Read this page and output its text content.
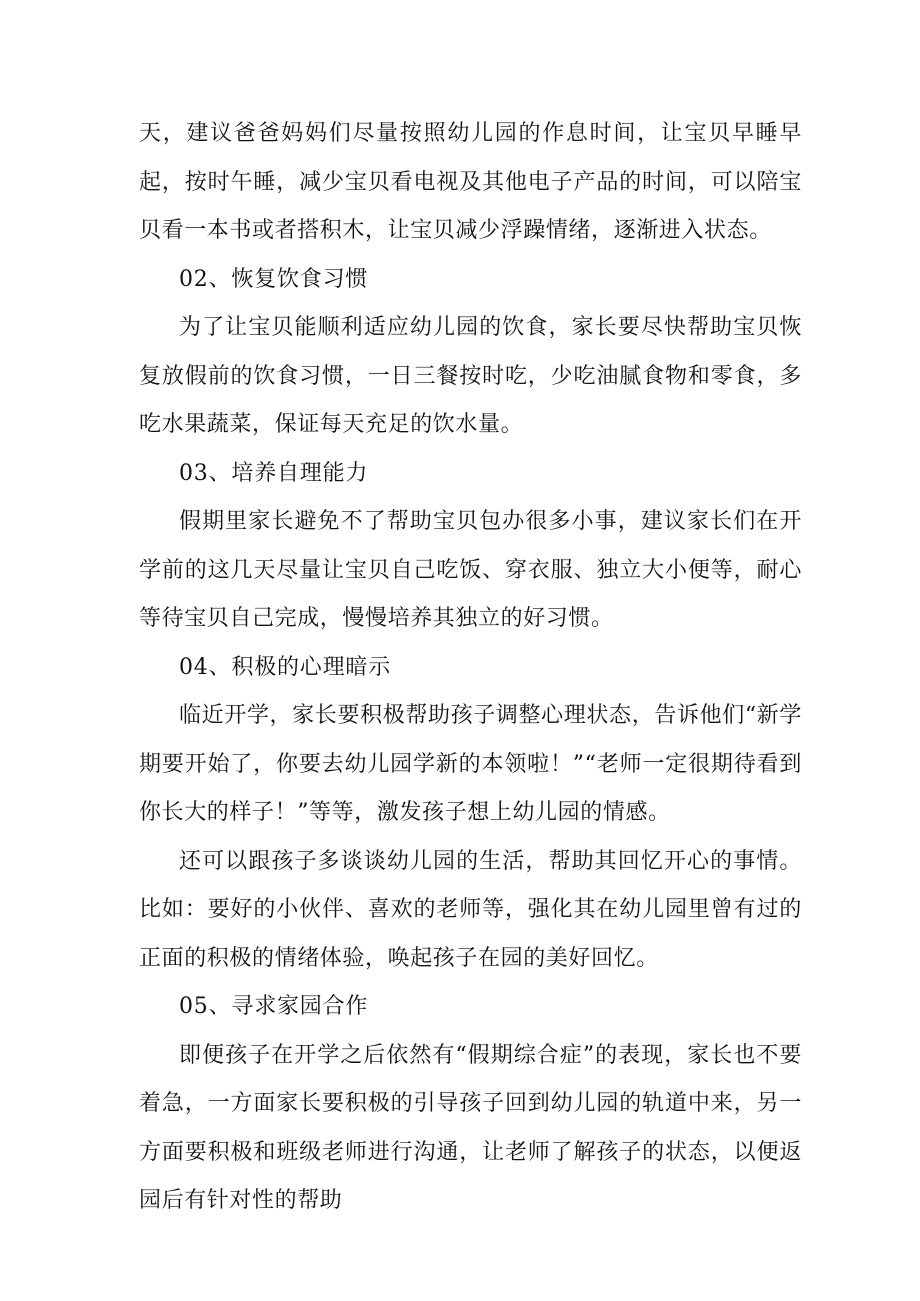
天，建议爸爸妈妈们尽量按照幼儿园的作息时间，让宝贝早睡早起，按时午睡，减少宝贝看电视及其他电子产品的时间，可以陪宝贝看一本书或者搭积木，让宝贝减少浮躁情绪，逐渐进入状态。

02、恢复饮食习惯

为了让宝贝能顺利适应幼儿园的饮食，家长要尽快帮助宝贝恢复放假前的饮食习惯，一日三餐按时吃，少吃油腻食物和零食，多吃水果蔬菜，保证每天充足的饮水量。

03、培养自理能力

假期里家长避免不了帮助宝贝包办很多小事，建议家长们在开学前的这几天尽量让宝贝自己吃饭、穿衣服、独立大小便等，耐心等待宝贝自己完成，慢慢培养其独立的好习惯。

04、积极的心理暗示

临近开学，家长要积极帮助孩子调整心理状态，告诉他们“新学期要开始了，你要去幼儿园学新的本领啦！”“老师一定很期待看到你长大的样子！”等等，激发孩子想上幼儿园的情感。

还可以跟孩子多谈谈幼儿园的生活，帮助其回忆开心的事情。比如：要好的小伙伴、喜欢的老师等，强化其在幼儿园里曾有过的正面的积极的情绪体验，唤起孩子在园的美好回忆。

05、寻求家园合作

即便孩子在开学之后依然有“假期综合症”的表现，家长也不要着急，一方面家长要积极的引导孩子回到幼儿园的轨道中来，另一方面要积极和班级老师进行沟通，让老师了解孩子的状态，以便返园后有针对性的帮助
